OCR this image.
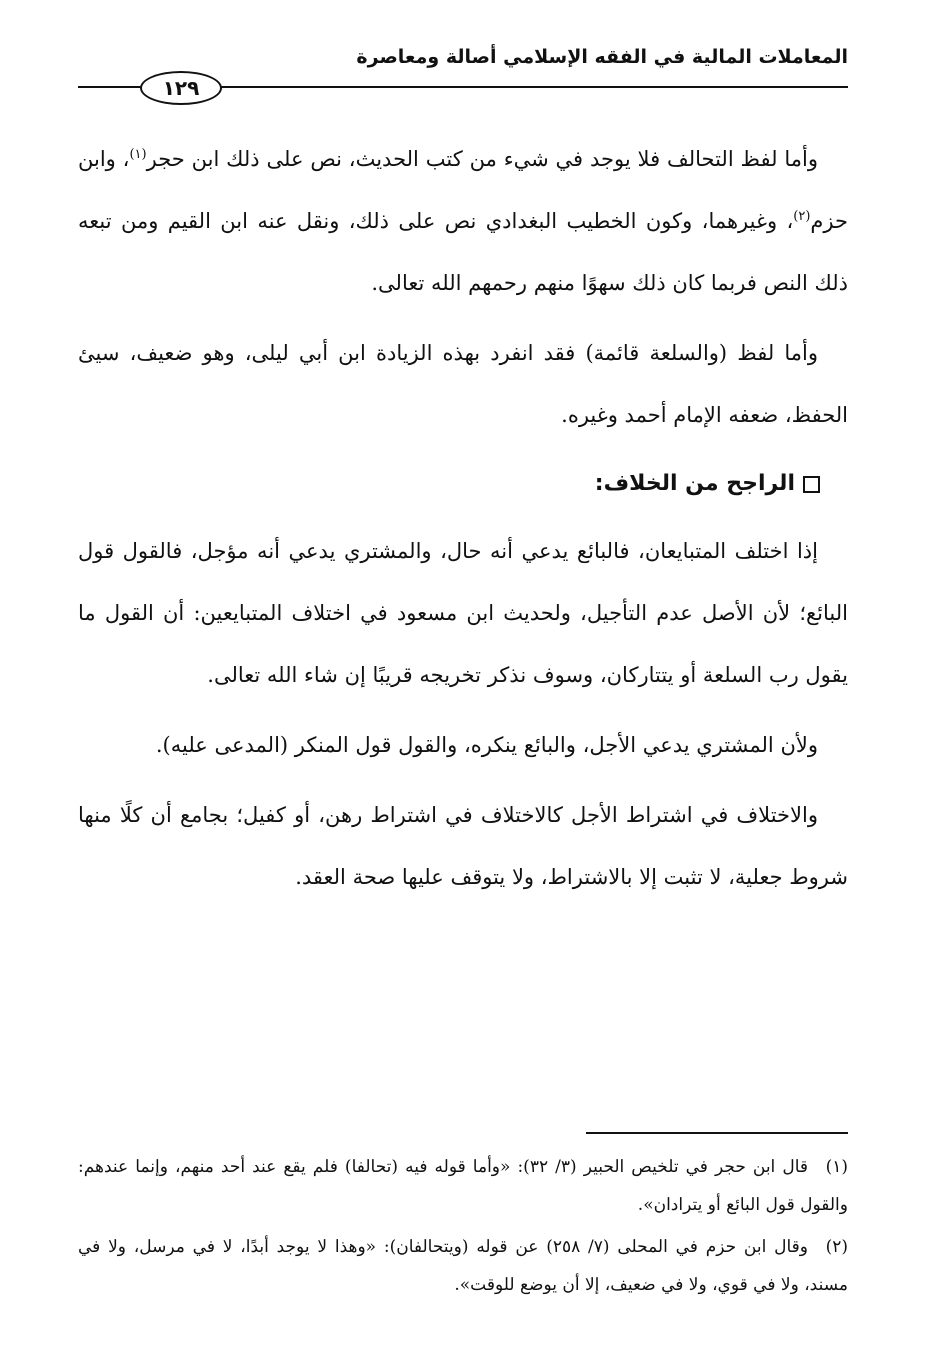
المعاملات المالية في الفقه الإسلامي أصالة ومعاصرة
١٢٩

وأما لفظ التحالف فلا يوجد في شيء من كتب الحديث، نص على ذلك ابن حجر$^{(١)}$، وابن حزم$^{(٢)}$، وغيرهما، وكون الخطيب البغدادي نص على ذلك، ونقل عنه ابن القيم ومن تبعه ذلك النص فربما كان ذلك سهوًا منهم رحمهم الله تعالى.

وأما لفظ (والسلعة قائمة) فقد انفرد بهذه الزيادة ابن أبي ليلى، وهو ضعيف، سيئ الحفظ، ضعفه الإمام أحمد وغيره.

الراجح من الخلاف:

إذا اختلف المتبايعان، فالبائع يدعي أنه حال، والمشتري يدعي أنه مؤجل، فالقول قول البائع؛ لأن الأصل عدم التأجيل، ولحديث ابن مسعود في اختلاف المتبايعين: أن القول ما يقول رب السلعة أو يتتاركان، وسوف نذكر تخريجه قريبًا إن شاء الله تعالى.

ولأن المشتري يدعي الأجل، والبائع ينكره، والقول قول المنكر (المدعى عليه).

والاختلاف في اشتراط الأجل كالاختلاف في اشتراط رهن، أو كفيل؛ بجامع أن كلًا منها شروط جعلية، لا تثبت إلا بالاشتراط، ولا يتوقف عليها صحة العقد.

(١)قال ابن حجر في تلخيص الحبير (٣/ ٣٢): «وأما قوله فيه (تحالفا) فلم يقع عند أحد منهم، وإنما عندهم: والقول قول البائع أو يترادان».

(٢)وقال ابن حزم في المحلى (٧/ ٢٥٨) عن قوله (ويتحالفان): «وهذا لا يوجد أبدًا، لا في مرسل، ولا في مسند، ولا في قوي، ولا في ضعيف، إلا أن يوضع للوقت».
